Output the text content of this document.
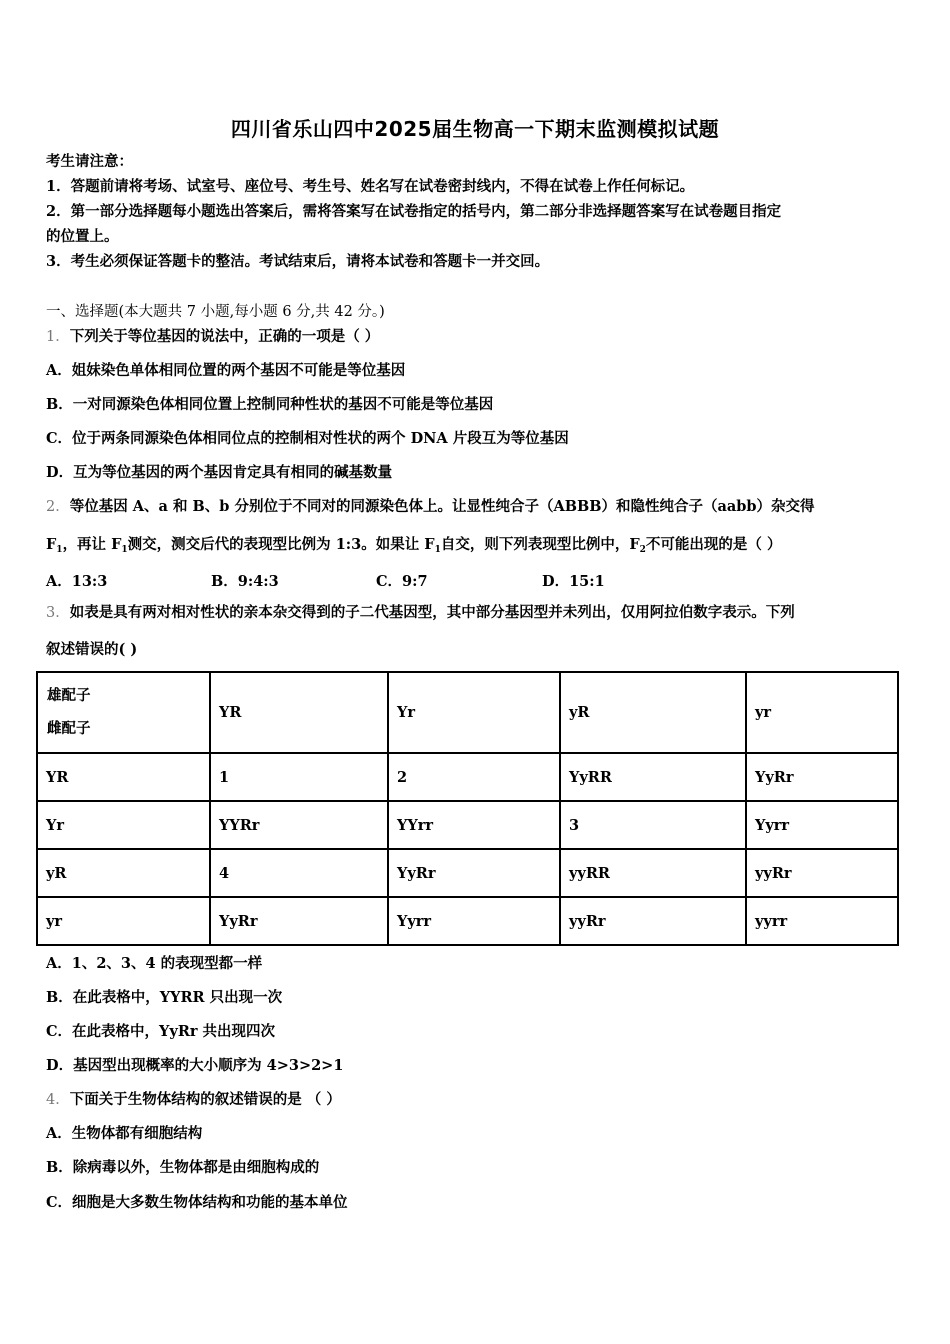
四川省乐山四中2025届生物高一下期末监测模拟试题
考生请注意：
1．答题前请将考场、试室号、座位号、考生号、姓名写在试卷密封线内，不得在试卷上作任何标记。
2．第一部分选择题每小题选出答案后，需将答案写在试卷指定的括号内，第二部分非选择题答案写在试卷题目指定
的位置上。
3．考生必须保证答题卡的整洁。考试结束后，请将本试卷和答题卡一并交回。
一、选择题(本大题共 7 小题,每小题 6 分,共 42 分。)
1．下列关于等位基因的说法中，正确的一项是（ ）
A．姐妹染色单体相同位置的两个基因不可能是等位基因
B．一对同源染色体相同位置上控制同种性状的基因不可能是等位基因
C．位于两条同源染色体相同位点的控制相对性状的两个 DNA 片段互为等位基因
D．互为等位基因的两个基因肯定具有相同的碱基数量
2．等位基因 A、a 和 B、b 分别位于不同对的同源染色体上。让显性纯合子（ABBB）和隐性纯合子（aabb）杂交得
$F_1$，再让 $F_1$测交，测交后代的表现型比例为 1:3。如果让 $F_1$自交，则下列表现型比例中，$F_2$不可能出现的是（ ）
A．13:3	B．9:4:3	C．9:7	D．15:1
3．如表是具有两对相对性状的亲本杂交得到的子二代基因型，其中部分基因型并未列出，仅用阿拉伯数字表示。下列
叙述错误的( )
雄配子
雌配子	YR	Yr	yR	yr
YR	1	2	YyRR	YyRr
Yr	YYRr	YYrr	3	Yyrr
yR	4	YyRr	yyRR	yyRr
yr	YyRr	Yyrr	yyRr	yyrr
A．1、2、3、4 的表现型都一样
B．在此表格中，YYRR 只出现一次
C．在此表格中，YyRr 共出现四次
D．基因型出现概率的大小顺序为 4>3>2>1
4．下面关于生物体结构的叙述错误的是 （ ）
A．生物体都有细胞结构
B．除病毒以外，生物体都是由细胞构成的
C．细胞是大多数生物体结构和功能的基本单位
